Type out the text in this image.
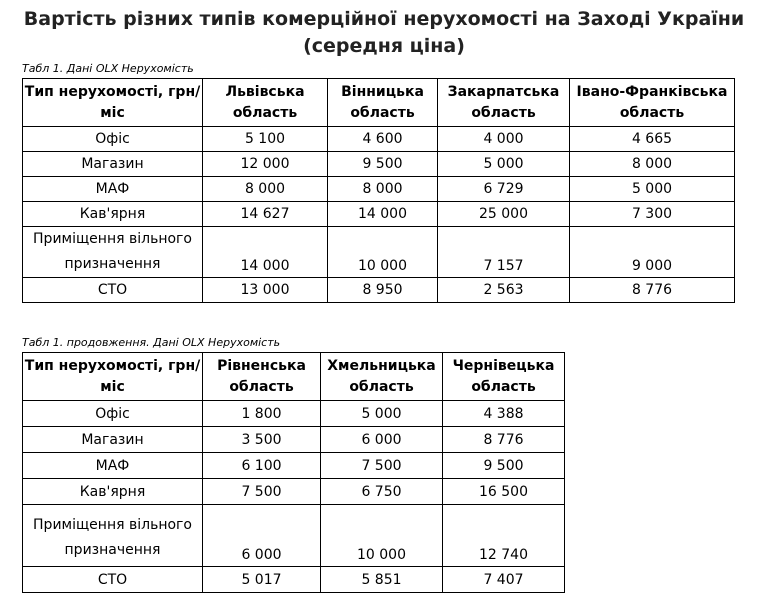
Вартість різних типів комерційної нерухомості на Заході України
(середня ціна)
Табл 1. Дані OLX Нерухомість
Тип нерухомості, грн/міс	Львівська область	Вінницька область	Закарпатська область	Івано-Франківська область
Офіс	5 100	4 600	4 000	4 665
Магазин	12 000	9 500	5 000	8 000
МАФ	8 000	8 000	6 729	5 000
Кав'ярня	14 627	14 000	25 000	7 300
Приміщення вільного призначення	14 000	10 000	7 157	9 000
СТО	13 000	8 950	2 563	8 776
Табл 1. продовження. Дані OLX Нерухомість
Тип нерухомості, грн/міс	Рівненська область	Хмельницька область	Чернівецька область
Офіс	1 800	5 000	4 388
Магазин	3 500	6 000	8 776
МАФ	6 100	7 500	9 500
Кав'ярня	7 500	6 750	16 500
Приміщення вільного призначення	6 000	10 000	12 740
СТО	5 017	5 851	7 407
